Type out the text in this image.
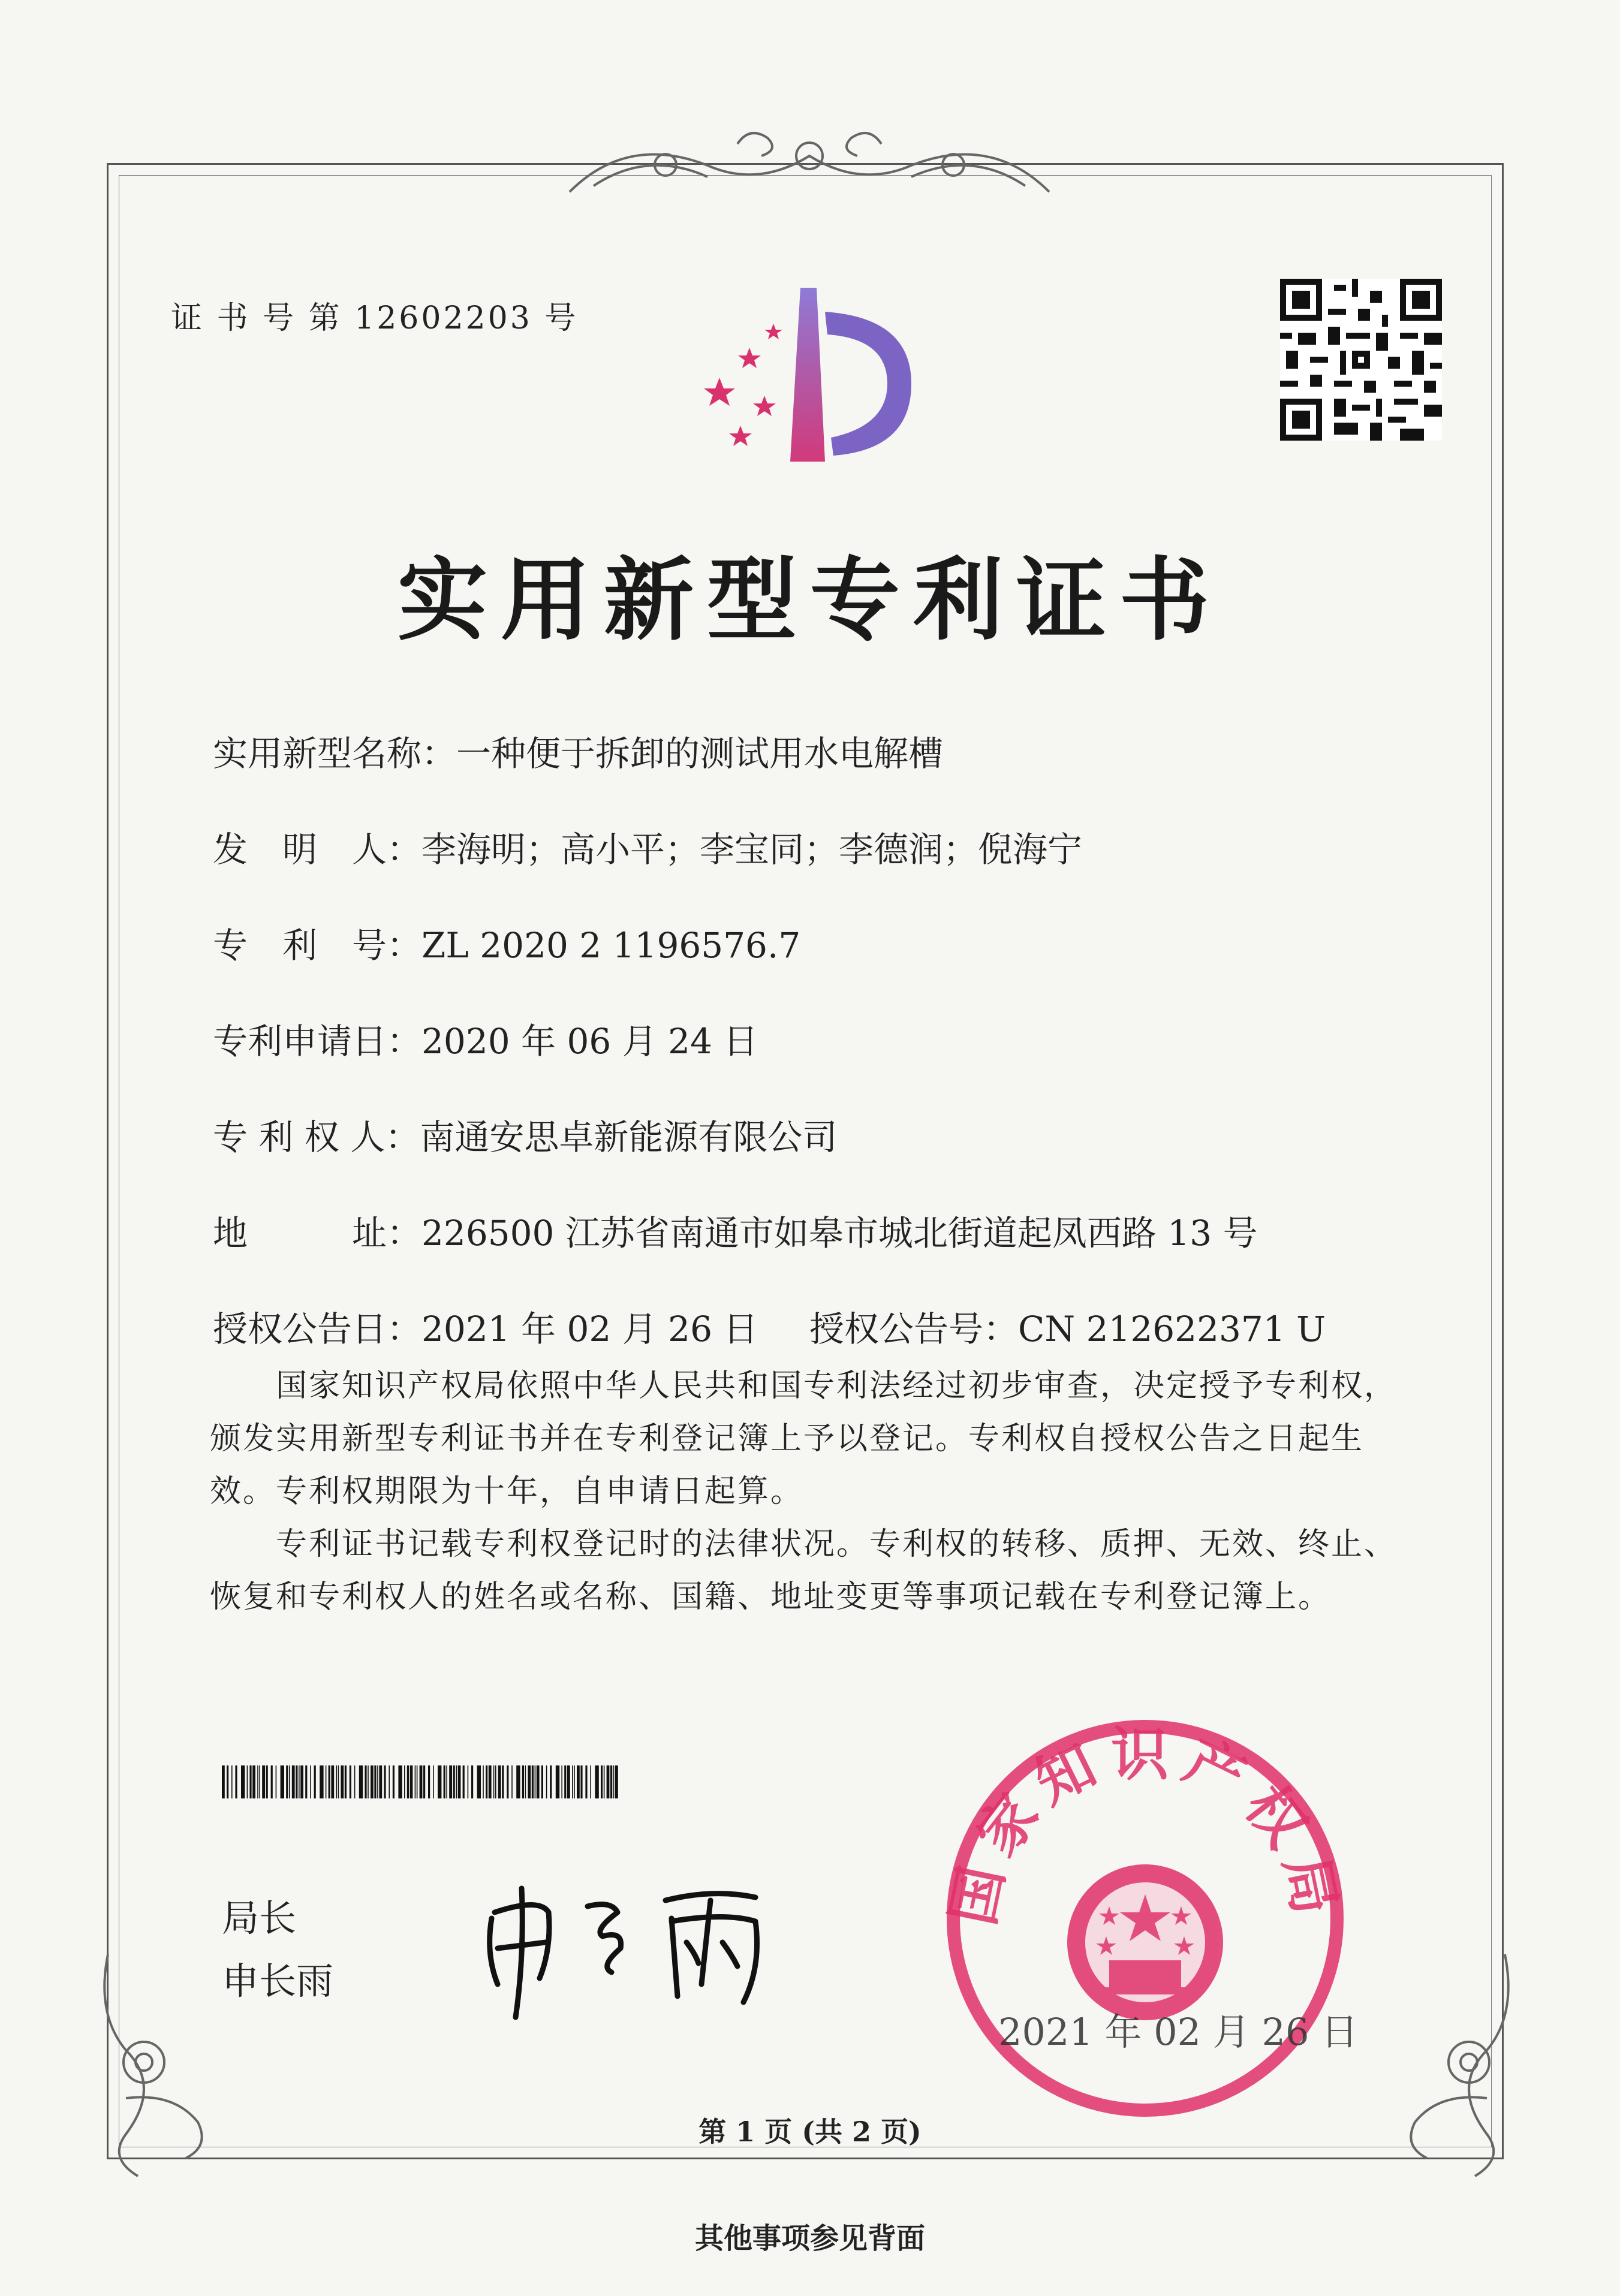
证 书 号 第 12602203 号
实用新型专利证书
实用新型名称：一种便于拆卸的测试用水电解槽
发　明　人：李海明；高小平；李宝同；李德润；倪海宁
专　利　号：ZL 2020 2 1196576.7
专利申请日：2020 年 06 月 24 日
专 利 权 人：南通安思卓新能源有限公司
地　　　址：226500 江苏省南通市如皋市城北街道起凤西路 13 号
授权公告日：2021 年 02 月 26 日 授权公告号：CN 212622371 U

国家知识产权局依照中华人民共和国专利法经过初步审查，决定授予专利权，颁发实用新型专利证书并在专利登记簿上予以登记。专利权自授权公告之日起生效。专利权期限为十年，自申请日起算。

专利证书记载专利权登记时的法律状况。专利权的转移、质押、无效、终止、恢复和专利权人的姓名或名称、国籍、地址变更等事项记载在专利登记簿上。

局长
申长雨
国家知识产权局
2021 年 02 月 26 日
第 1 页 (共 2 页)
其他事项参见背面
